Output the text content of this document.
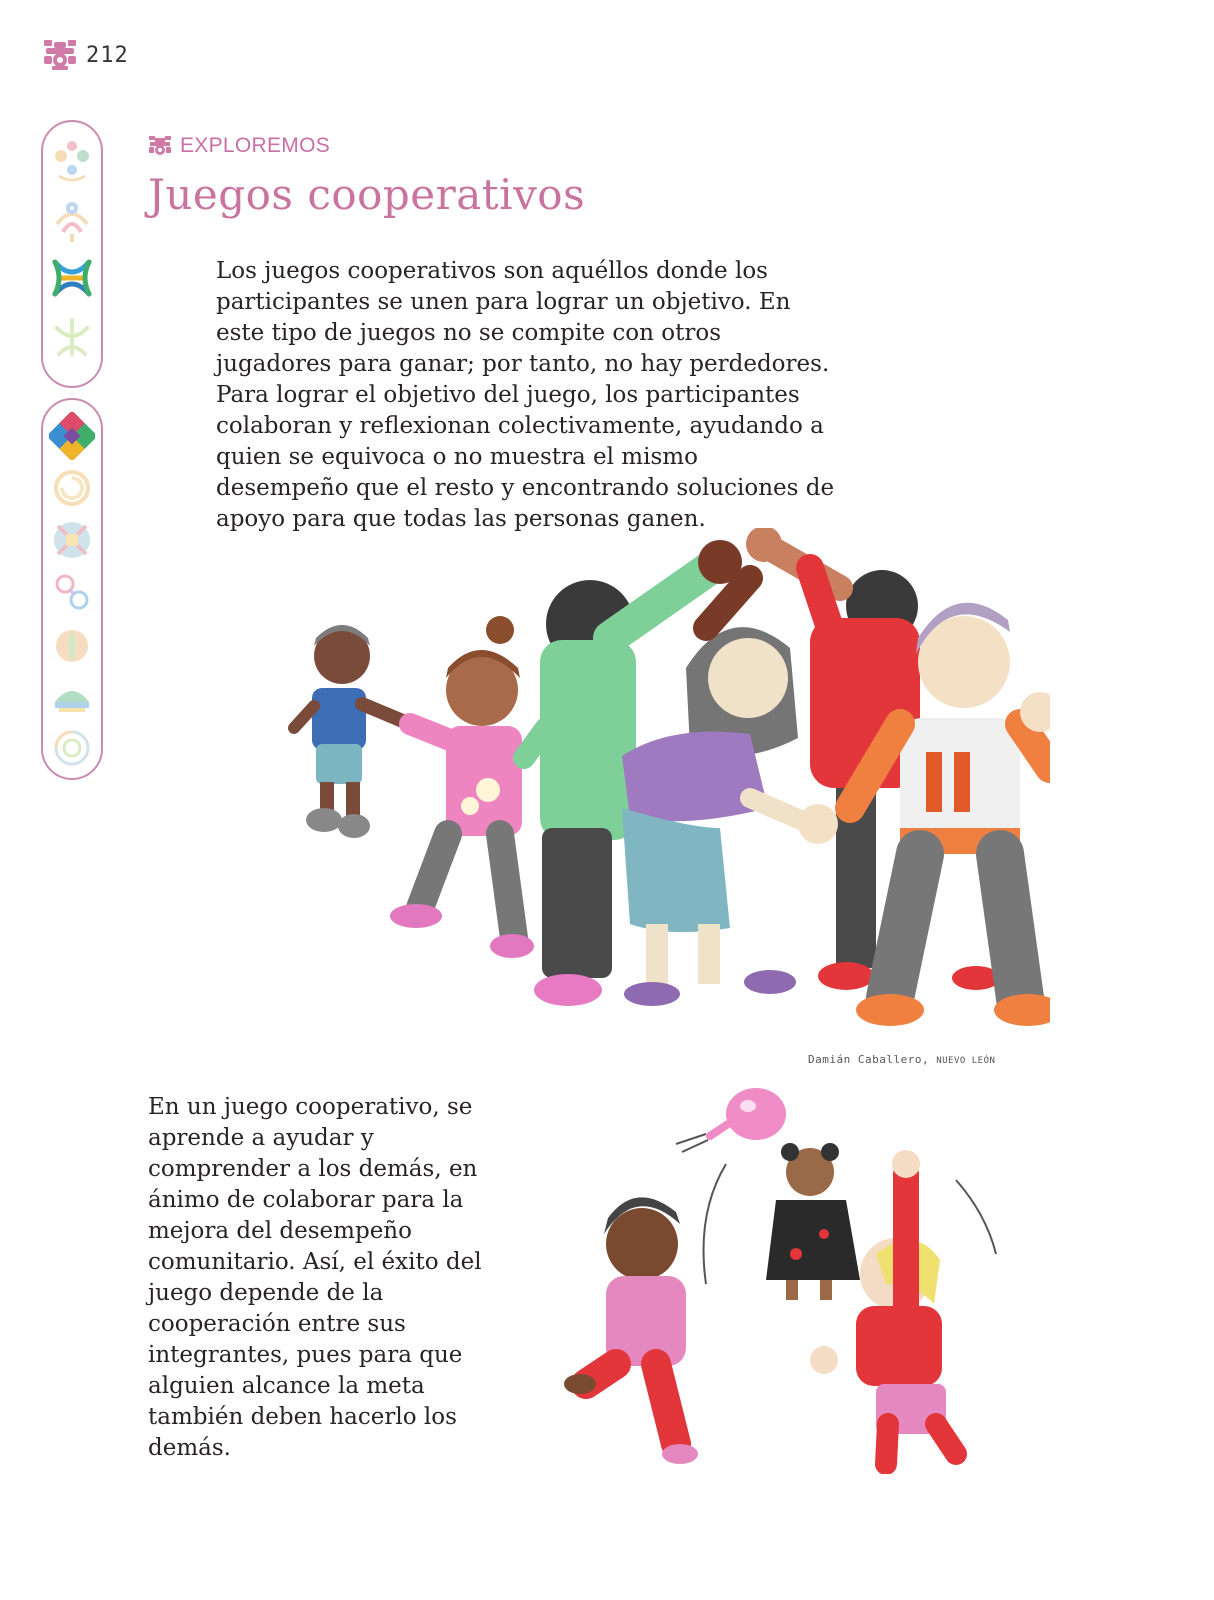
212
EXPLOREMOS
Juegos cooperativos

Los juegos cooperativos son aquéllos donde los participantes se unen para lograr un objetivo. En este tipo de juegos no se compite con otros jugadores para ganar; por tanto, no hay perdedores. Para lograr el objetivo del juego, los participantes colaboran y reflexionan colectivamente, ayudando a quien se equivoca o no muestra el mismo desempeño que el resto y encontrando soluciones de apoyo para que todas las personas ganen.

Damián Caballero, NUEVO LEÓN

En un juego cooperativo, se aprende a ayudar y comprender a los demás, en ánimo de colaborar para la mejora del desempeño comunitario. Así, el éxito del juego depende de la cooperación entre sus integrantes, pues para que alguien alcance la meta también deben hacerlo los demás.
